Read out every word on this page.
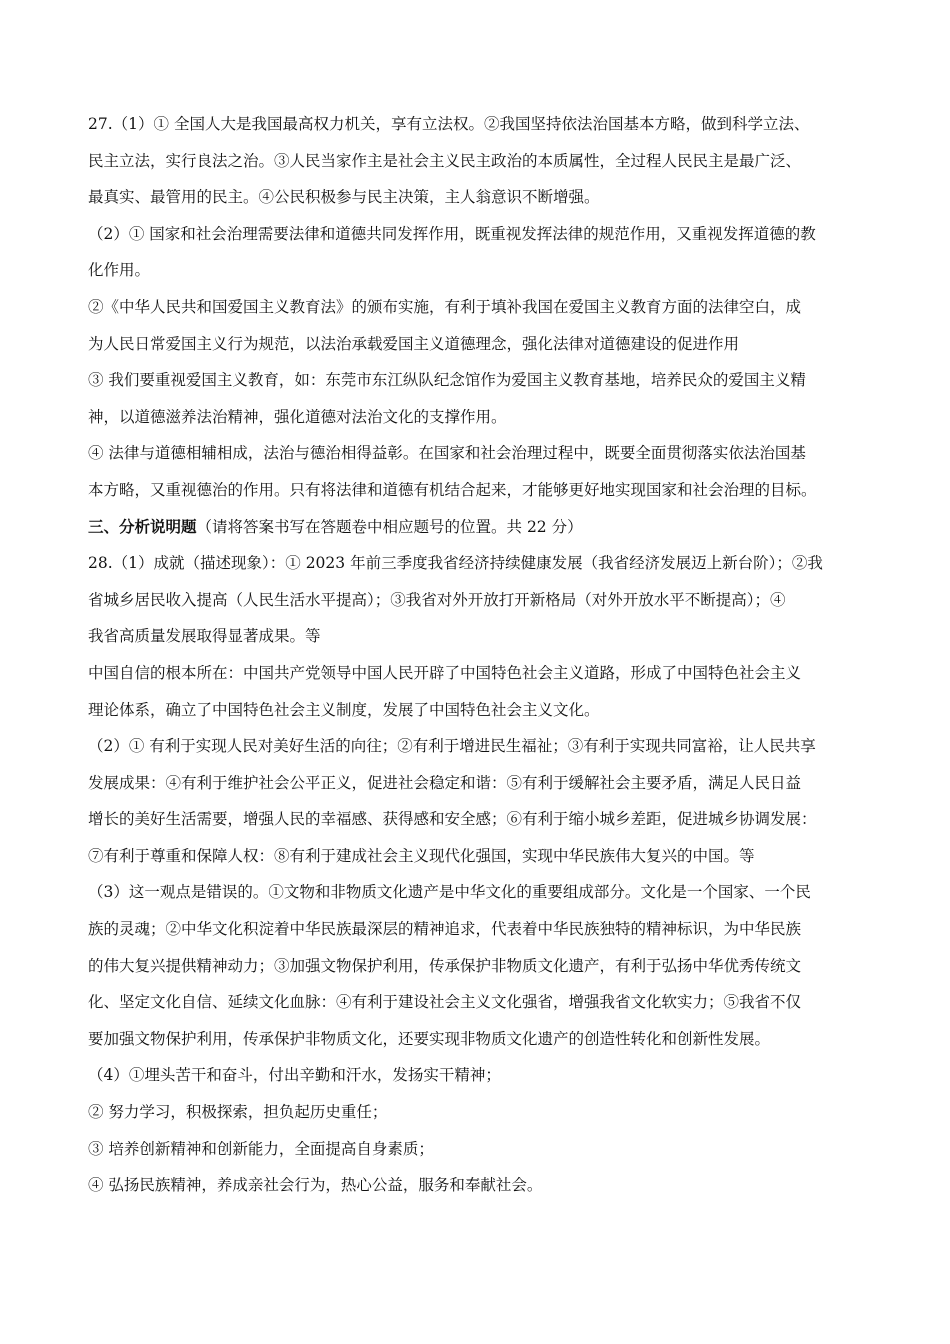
27.（1）① 全国人大是我国最高权力机关，享有立法权。②我国坚持依法治国基本方略，做到科学立法、
民主立法，实行良法之治。③人民当家作主是社会主义民主政治的本质属性，全过程人民民主是最广泛、
最真实、最管用的民主。④公民积极参与民主决策，主人翁意识不断增强。
（2）① 国家和社会治理需要法律和道德共同发挥作用，既重视发挥法律的规范作用，又重视发挥道德的教
化作用。
②《中华人民共和国爱国主义教育法》的颁布实施，有利于填补我国在爱国主义教育方面的法律空白，成
为人民日常爱国主义行为规范，以法治承载爱国主义道德理念，强化法律对道德建设的促进作用
③ 我们要重视爱国主义教育，如：东莞市东江纵队纪念馆作为爱国主义教育基地，培养民众的爱国主义精
神，以道德滋养法治精神，强化道德对法治文化的支撑作用。
④ 法律与道德相辅相成，法治与德治相得益彰。在国家和社会治理过程中，既要全面贯彻落实依法治国基
本方略，又重视德治的作用。只有将法律和道德有机结合起来，才能够更好地实现国家和社会治理的目标。
三、分析说明题（请将答案书写在答题卷中相应题号的位置。共 22 分）
28.（1）成就（描述现象）：① 2023 年前三季度我省经济持续健康发展（我省经济发展迈上新台阶）；②我
省城乡居民收入提高（人民生活水平提高）；③我省对外开放打开新格局（对外开放水平不断提高）；④
我省高质量发展取得显著成果。等
中国自信的根本所在：中国共产党领导中国人民开辟了中国特色社会主义道路，形成了中国特色社会主义
理论体系，确立了中国特色社会主义制度，发展了中国特色社会主义文化。
（2）① 有利于实现人民对美好生活的向往；②有利于增进民生福祉；③有利于实现共同富裕，让人民共享
发展成果：④有利于维护社会公平正义，促进社会稳定和谐：⑤有利于缓解社会主要矛盾，满足人民日益
增长的美好生活需要，增强人民的幸福感、获得感和安全感；⑥有利于缩小城乡差距，促进城乡协调发展：
⑦有利于尊重和保障人权：⑧有利于建成社会主义现代化强国，实现中华民族伟大复兴的中国。等
（3）这一观点是错误的。①文物和非物质文化遗产是中华文化的重要组成部分。文化是一个国家、一个民
族的灵魂；②中华文化积淀着中华民族最深层的精神追求，代表着中华民族独特的精神标识，为中华民族
的伟大复兴提供精神动力；③加强文物保护利用，传承保护非物质文化遗产，有利于弘扬中华优秀传统文
化、坚定文化自信、延续文化血脉：④有利于建设社会主义文化强省，增强我省文化软实力；⑤我省不仅
要加强文物保护利用，传承保护非物质文化，还要实现非物质文化遗产的创造性转化和创新性发展。
（4）①埋头苦干和奋斗，付出辛勤和汗水，发扬实干精神；
② 努力学习，积极探索，担负起历史重任；
③ 培养创新精神和创新能力，全面提高自身素质；
④ 弘扬民族精神，养成亲社会行为，热心公益，服务和奉献社会。
